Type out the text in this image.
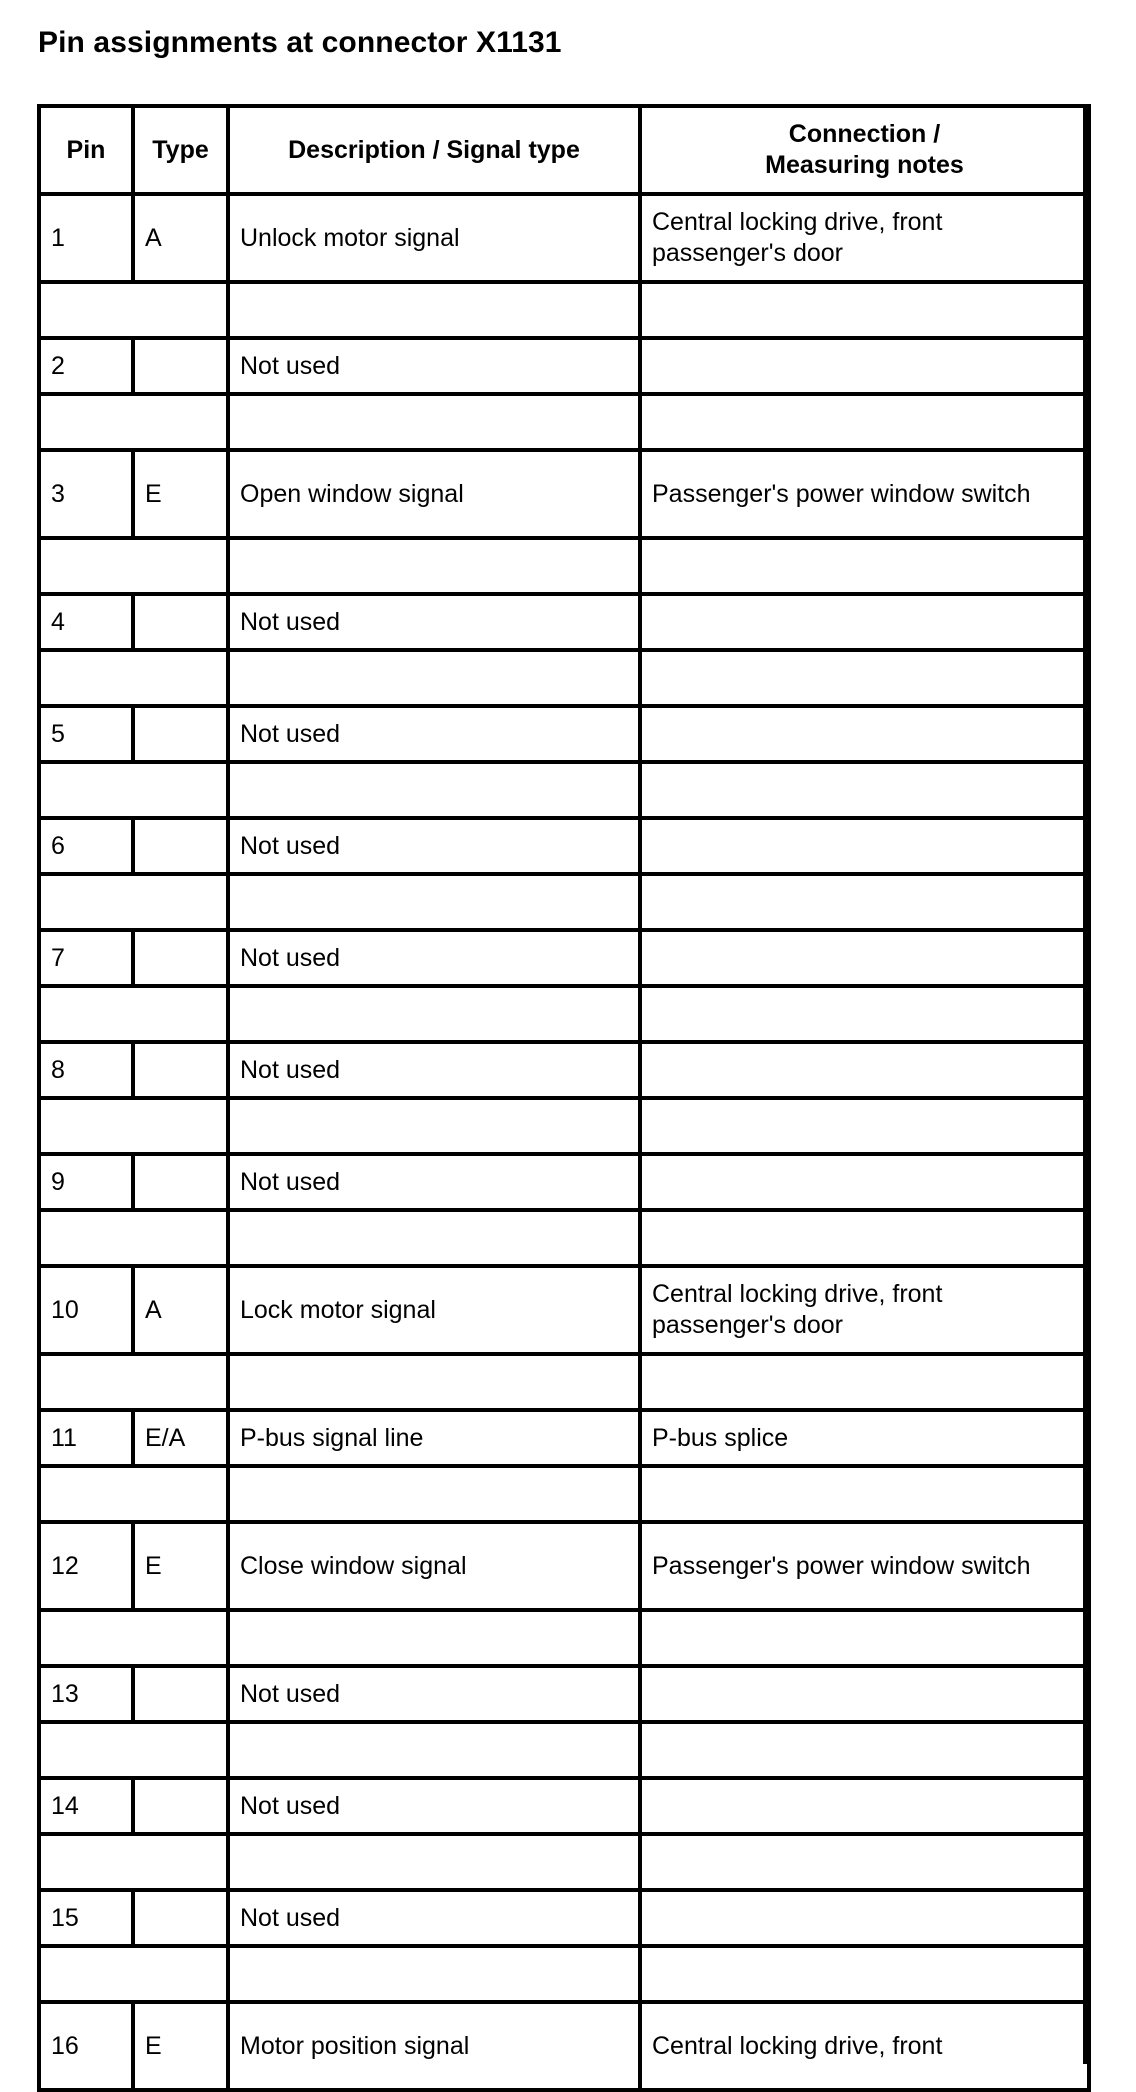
Pin assignments at connector X1131
Pin	Type	Description / Signal type	Connection /
Measuring notes

1	A	Unlock motor signal	Central locking drive, front passenger's door

2		Not used	

3	E	Open window signal	Passenger's power window switch

4		Not used	

5		Not used	

6		Not used	

7		Not used	

8		Not used	

9		Not used	

10	A	Lock motor signal	Central locking drive, front passenger's door

11	E/A	P-bus signal line	P-bus splice

12	E	Close window signal	Passenger's power window switch

13		Not used	

14		Not used	

15		Not used	

16	E	Motor position signal	Central locking drive, front
